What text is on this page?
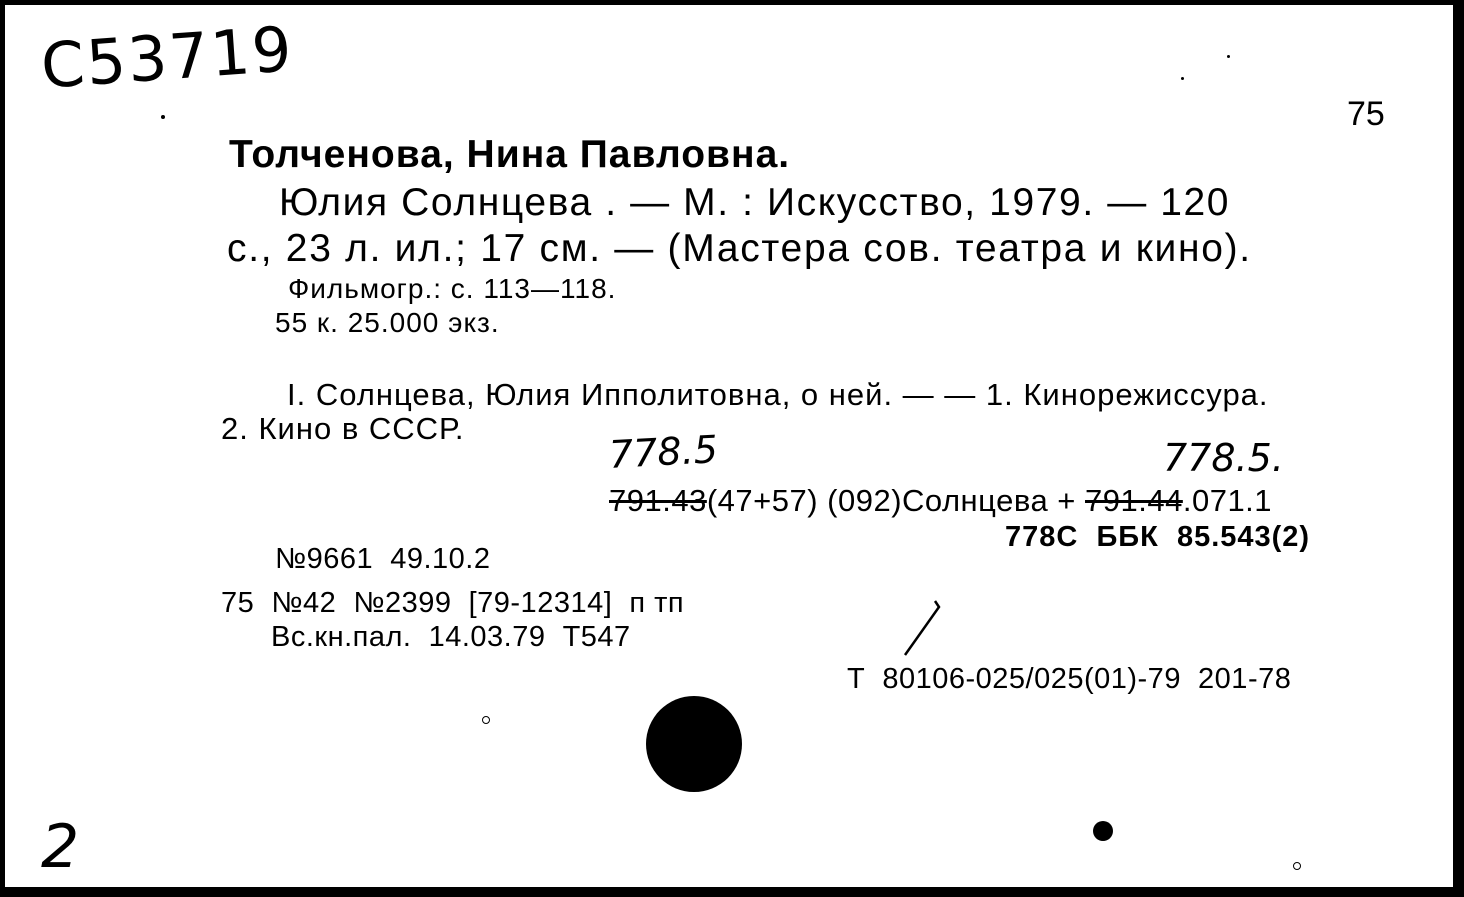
С53719
75
Толченова, Нина Павловна.
Юлия Солнцева . — М. : Искусство, 1979. — 120
с., 23 л. ил.; 17 см. — (Мастера сов. театра и кино).
Фильмогр.: с. 113—118.
55 к. 25.000 экз.
I. Солнцева, Юлия Ипполитовна, о ней. — — 1. Кинорежиссура.
2. Кино в СССР.	778.5	778.5.
791.43(47+57) (092)Солнцева + 791.44.071.1
778С  ББК  85.543(2)
№9661  49.10.2
75  №42  №2399  [79-12314]  п тп
Вс.кн.пал.  14.03.79  Т547
Т  80106-025/025(01)-79  201-78
2
